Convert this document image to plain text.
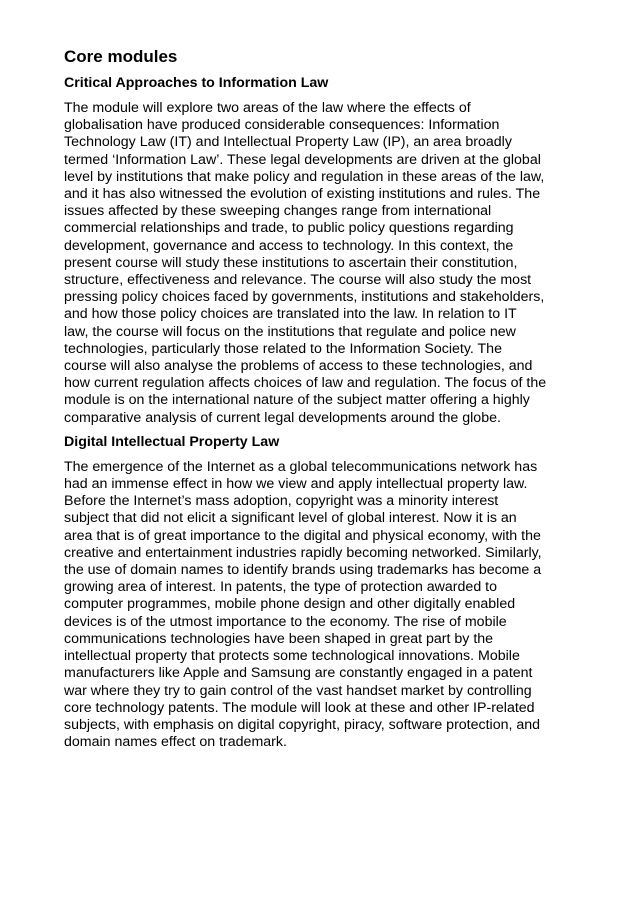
Core modules
Critical Approaches to Information Law
The module will explore two areas of the law where the effects of
globalisation have produced considerable consequences: Information
Technology Law (IT) and Intellectual Property Law (IP), an area broadly
termed ‘Information Law’. These legal developments are driven at the global
level by institutions that make policy and regulation in these areas of the law,
and it has also witnessed the evolution of existing institutions and rules. The
issues affected by these sweeping changes range from international
commercial relationships and trade, to public policy questions regarding
development, governance and access to technology. In this context, the
present course will study these institutions to ascertain their constitution,
structure, effectiveness and relevance. The course will also study the most
pressing policy choices faced by governments, institutions and stakeholders,
and how those policy choices are translated into the law. In relation to IT
law, the course will focus on the institutions that regulate and police new
technologies, particularly those related to the Information Society. The
course will also analyse the problems of access to these technologies, and
how current regulation affects choices of law and regulation. The focus of the
module is on the international nature of the subject matter offering a highly
comparative analysis of current legal developments around the globe.
Digital Intellectual Property Law
The emergence of the Internet as a global telecommunications network has
had an immense effect in how we view and apply intellectual property law.
Before the Internet’s mass adoption, copyright was a minority interest
subject that did not elicit a significant level of global interest. Now it is an
area that is of great importance to the digital and physical economy, with the
creative and entertainment industries rapidly becoming networked. Similarly,
the use of domain names to identify brands using trademarks has become a
growing area of interest. In patents, the type of protection awarded to
computer programmes, mobile phone design and other digitally enabled
devices is of the utmost importance to the economy. The rise of mobile
communications technologies have been shaped in great part by the
intellectual property that protects some technological innovations. Mobile
manufacturers like Apple and Samsung are constantly engaged in a patent
war where they try to gain control of the vast handset market by controlling
core technology patents. The module will look at these and other IP-related
subjects, with emphasis on digital copyright, piracy, software protection, and
domain names effect on trademark.
